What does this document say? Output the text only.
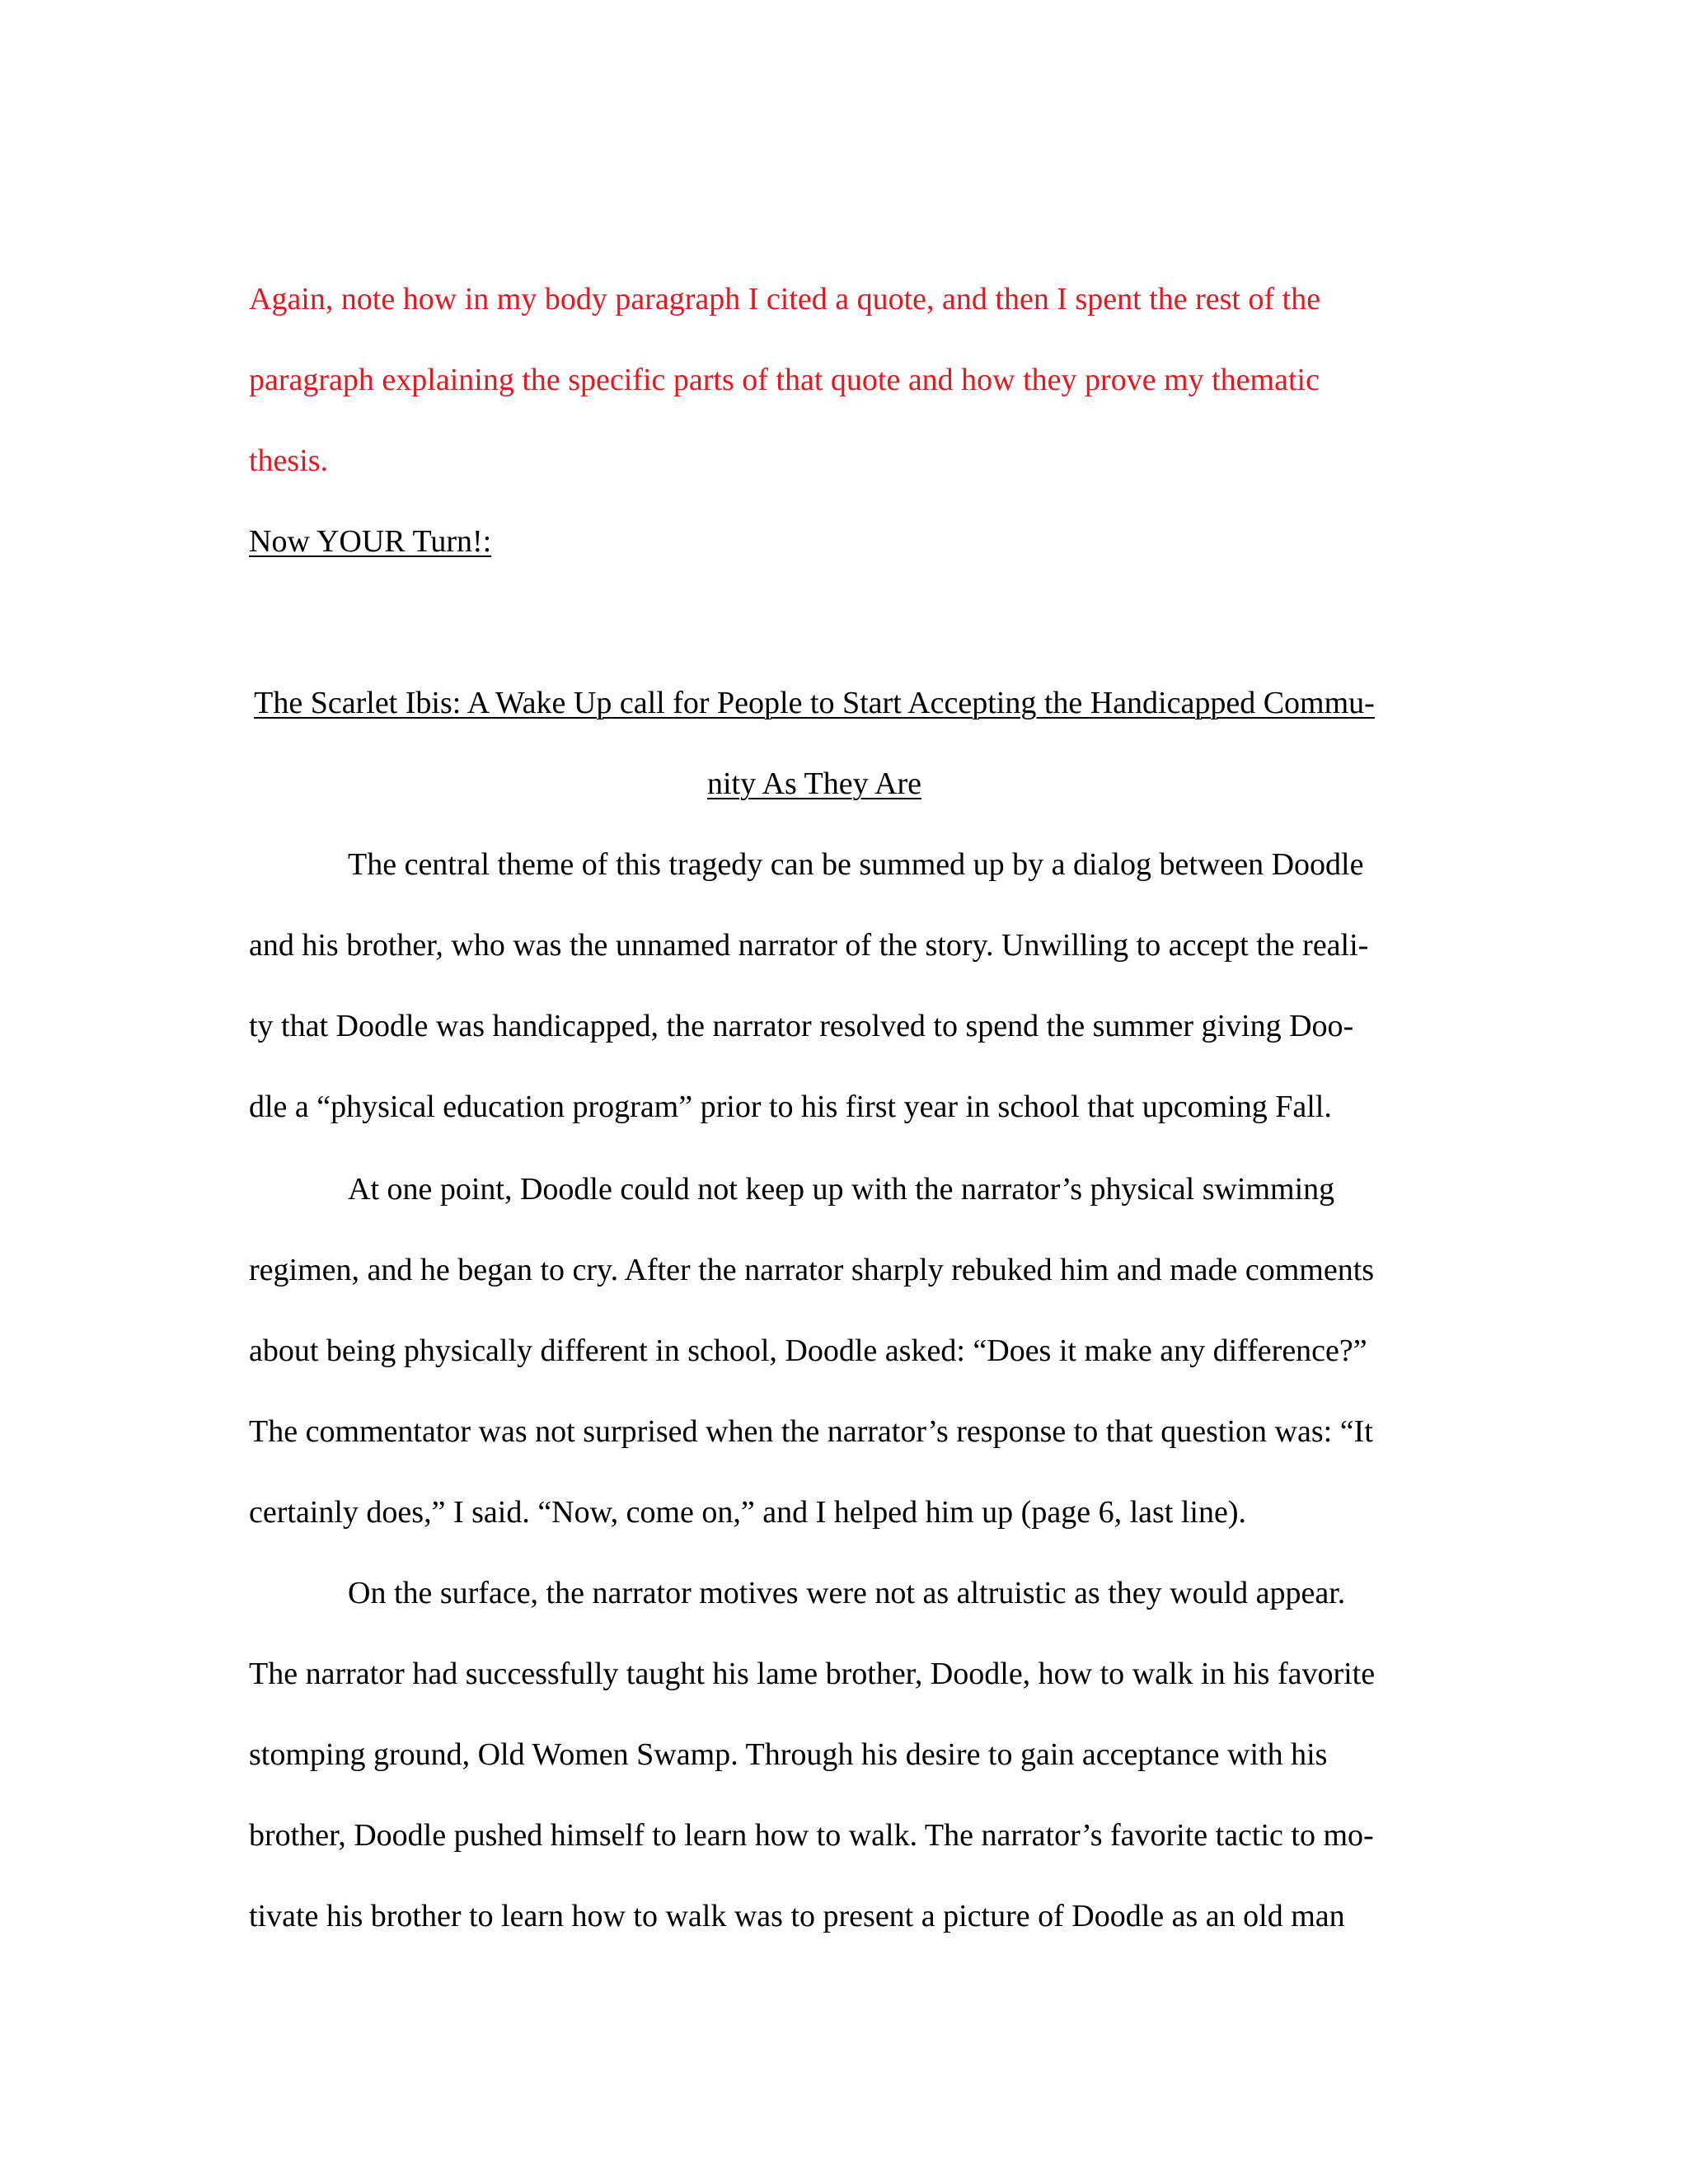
Again, note how in my body paragraph I cited a quote, and then I spent the rest of the
paragraph explaining the specific parts of that quote and how they prove my thematic
thesis.
Now YOUR Turn!:
The Scarlet Ibis: A Wake Up call for People to Start Accepting the Handicapped Commu-
nity As They Are
The central theme of this tragedy can be summed up by a dialog between Doodle
and his brother, who was the unnamed narrator of the story. Unwilling to accept the reali-
ty that Doodle was handicapped, the narrator resolved to spend the summer giving Doo-
dle a “physical education program” prior to his first year in school that upcoming Fall.
At one point, Doodle could not keep up with the narrator’s physical swimming
regimen, and he began to cry. After the narrator sharply rebuked him and made comments
about being physically different in school, Doodle asked: “Does it make any difference?”
The commentator was not surprised when the narrator’s response to that question was: “It
certainly does,” I said. “Now, come on,” and I helped him up (page 6, last line).
On the surface, the narrator motives were not as altruistic as they would appear.
The narrator had successfully taught his lame brother, Doodle, how to walk in his favorite
stomping ground, Old Women Swamp. Through his desire to gain acceptance with his
brother, Doodle pushed himself to learn how to walk. The narrator’s favorite tactic to mo-
tivate his brother to learn how to walk was to present a picture of Doodle as an old man
